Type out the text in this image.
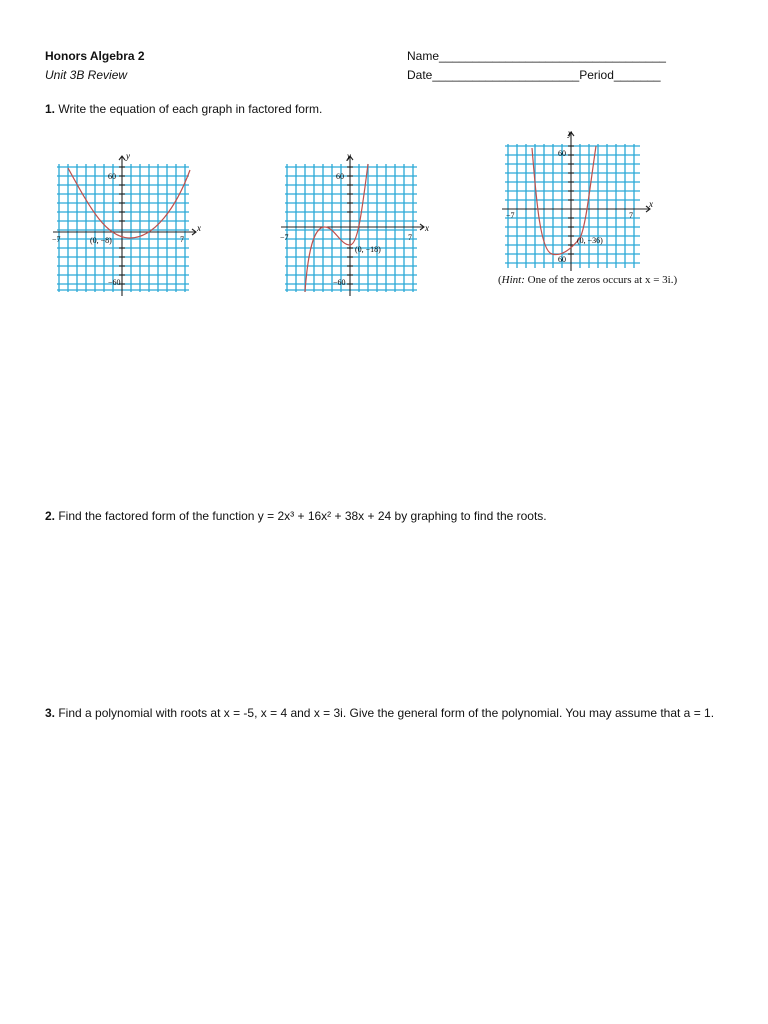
Honors Algebra 2
Unit 3B Review
Name__________________________________
Date______________________Period_______
1. Write the equation of each graph in factored form.
y
x
60
−60
−7	7
(0, −8)
y
x
60
−60
−7	7
(0, −18)
y
x
60
60
−7	7
(0, −36)
(Hint: One of the zeros occurs at x = 3i.)
2. Find the factored form of the function y = 2x³ + 16x² + 38x + 24 by graphing to find the roots.
3. Find a polynomial with roots at x = -5, x = 4 and x = 3i. Give the general form of the polynomial. You may assume that a = 1.
